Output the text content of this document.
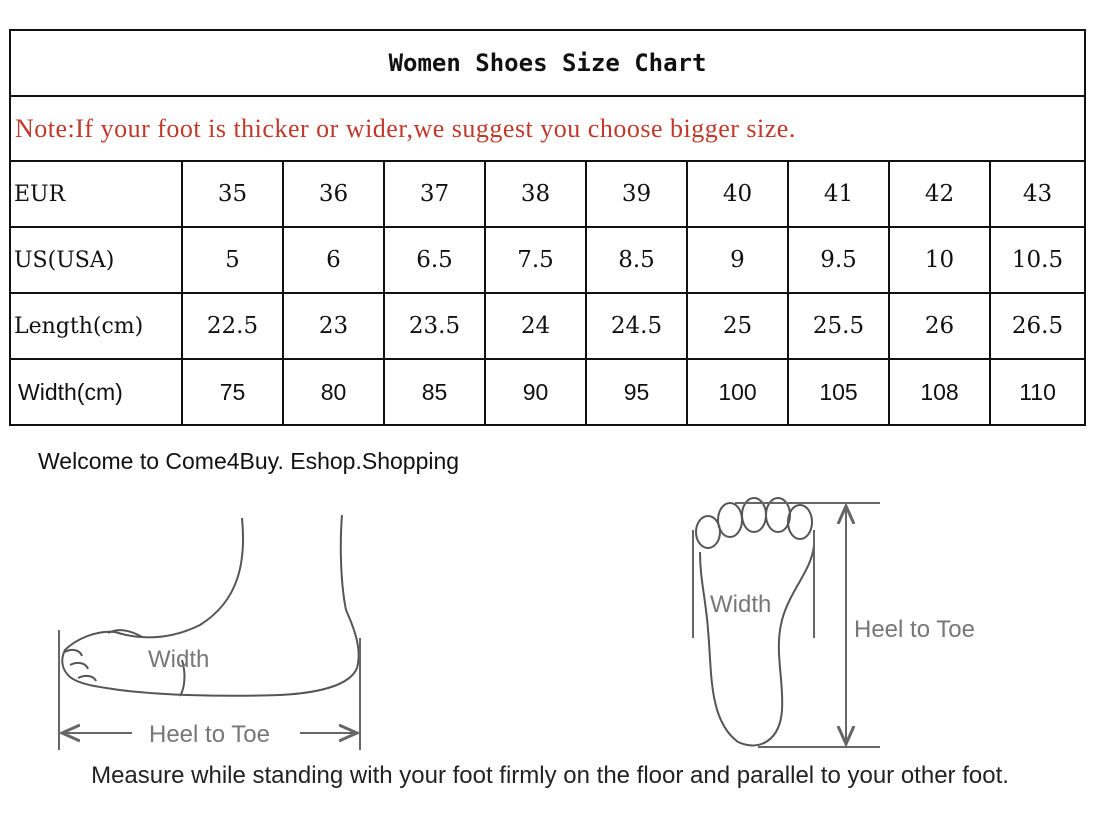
Women Shoes Size Chart									
Note:If your foot is thicker or wider,we suggest you choose bigger size.									
EUR	35	36	37	38	39	40	41	42	43
US(USA)	5	6	6.5	7.5	8.5	9	9.5	10	10.5
Length(cm)	22.5	23	23.5	24	24.5	25	25.5	26	26.5
Width(cm)	75	80	85	90	95	100	105	108	110
Welcome to Come4Buy. Eshop.Shopping
Width
Heel to Toe
Width
Heel to Toe
Measure while standing with your foot firmly on the floor and parallel to your other foot.
